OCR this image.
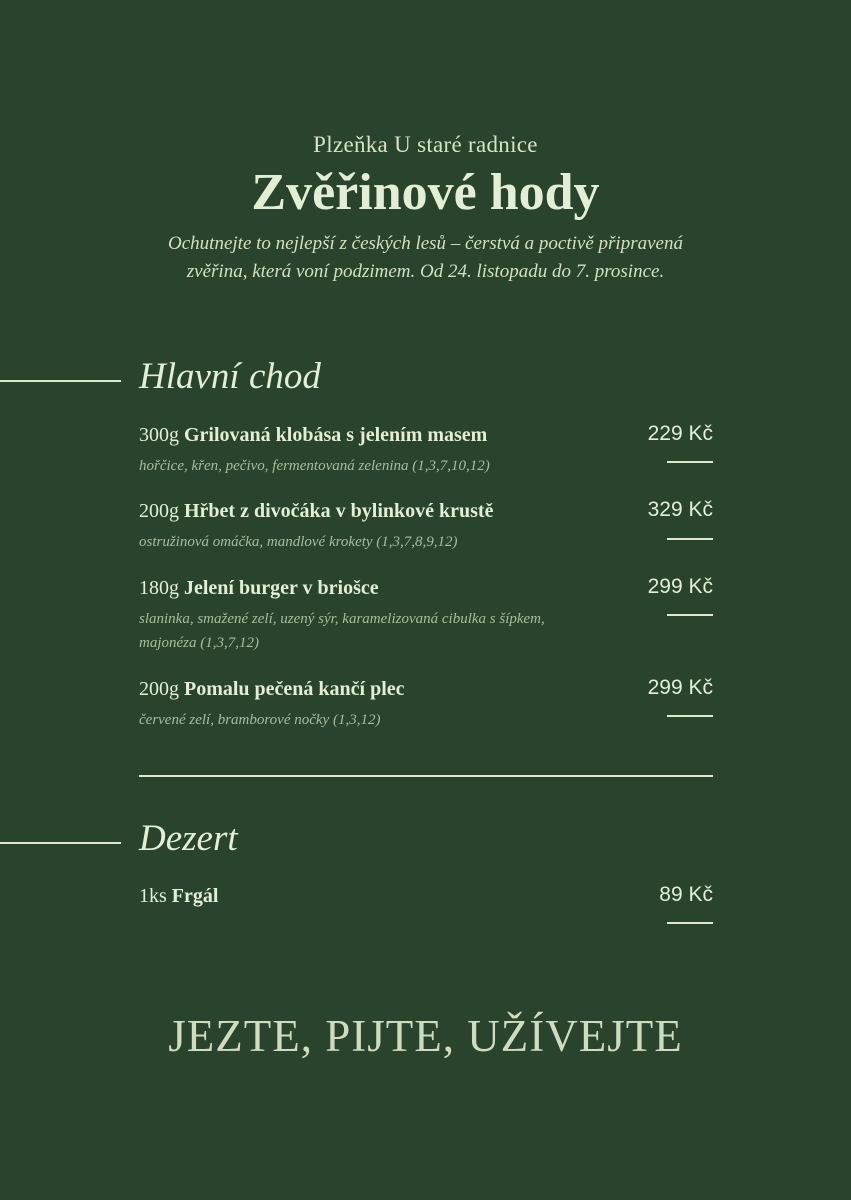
Plzeňka U staré radnice
Zvěřinové hody
Ochutnejte to nejlepší z českých lesů – čerstvá a poctivě připravená
zvěřina, která voní podzimem. Od 24. listopadu do 7. prosince.
Hlavní chod
300g Grilovaná klobása s jelením masem
hořčice, křen, pečivo, fermentovaná zelenina (1,3,7,10,12)
229 Kč
200g Hřbet z divočáka v bylinkové krustě
ostružinová omáčka, mandlové krokety (1,3,7,8,9,12)
329 Kč
180g Jelení burger v briošce
slaninka, smažené zelí, uzený sýr, karamelizovaná cibulka s šípkem, majonéza (1,3,7,12)
299 Kč
200g Pomalu pečená kančí plec
červené zelí, bramborové nočky (1,3,12)
299 Kč
Dezert
1ks Frgál	89 Kč
JEZTE, PIJTE, UŽÍVEJTE
